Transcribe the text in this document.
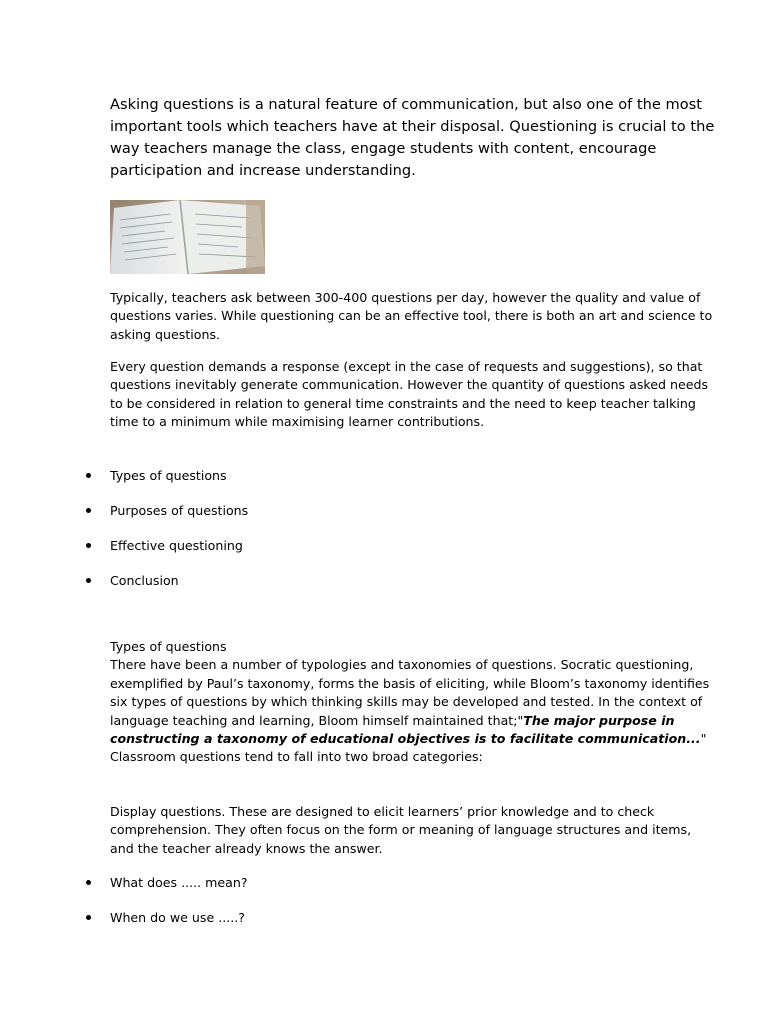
Asking questions is a natural feature of communication, but also one of the most important tools which teachers have at their disposal. Questioning is crucial to the way teachers manage the class, engage students with content, encourage participation and increase understanding.

Typically, teachers ask between 300-400 questions per day, however the quality and value of questions varies. While questioning can be an effective tool, there is both an art and science to asking questions.

Every question demands a response (except in the case of requests and suggestions), so that questions inevitably generate communication. However the quantity of questions asked needs to be considered in relation to general time constraints and the need to keep teacher talking time to a minimum while maximising learner contributions.

Types of questions
Purposes of questions
Effective questioning
Conclusion

Types of questions
There have been a number of typologies and taxonomies of questions. Socratic questioning, exemplified by Paul’s taxonomy, forms the basis of eliciting, while Bloom’s taxonomy identifies six types of questions by which thinking skills may be developed and tested. In the context of language teaching and learning, Bloom himself maintained that;"The major purpose in constructing a taxonomy of educational objectives is to facilitate communication..." Classroom questions tend to fall into two broad categories:

Display questions. These are designed to elicit learners’ prior knowledge and to check comprehension. They often focus on the form or meaning of language structures and items, and the teacher already knows the answer.

What does ..... mean?
When do we use .....?
